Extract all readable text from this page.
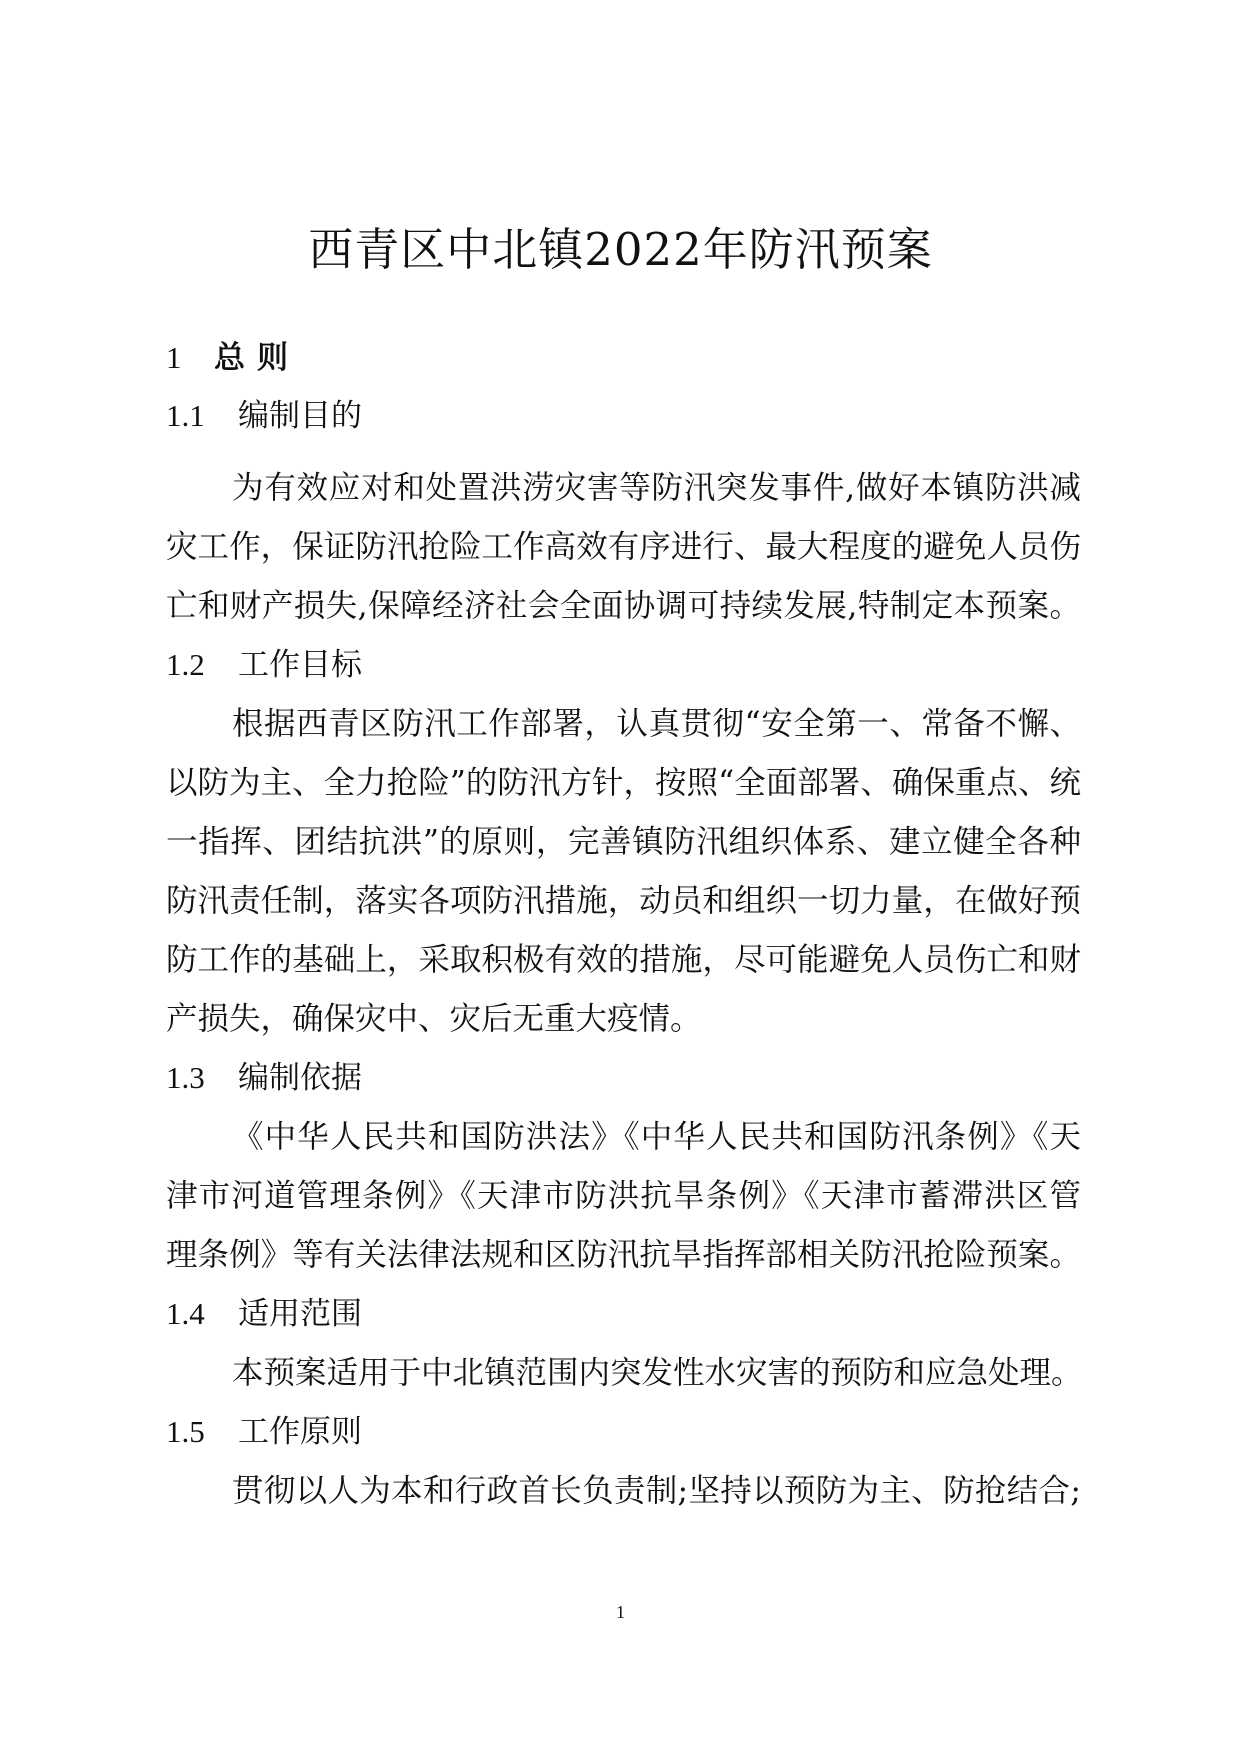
西青区中北镇2022年防汛预案
1 总则
1.1 编制目的
为有效应对和处置洪涝灾害等防汛突发事件,做好本镇防洪减
灾工作，保证防汛抢险工作高效有序进行、最大程度的避免人员伤
亡和财产损失,保障经济社会全面协调可持续发展,特制定本预案。
1.2 工作目标
根据西青区防汛工作部署，认真贯彻“安全第一、常备不懈、
以防为主、全力抢险”的防汛方针，按照“全面部署、确保重点、统
一指挥、团结抗洪”的原则，完善镇防汛组织体系、建立健全各种
防汛责任制，落实各项防汛措施，动员和组织一切力量，在做好预
防工作的基础上，采取积极有效的措施，尽可能避免人员伤亡和财
产损失，确保灾中、灾后无重大疫情。
1.3 编制依据
《中华人民共和国防洪法》《中华人民共和国防汛条例》《天
津市河道管理条例》《天津市防洪抗旱条例》《天津市蓄滞洪区管
理条例》等有关法律法规和区防汛抗旱指挥部相关防汛抢险预案。
1.4 适用范围
本预案适用于中北镇范围内突发性水灾害的预防和应急处理。
1.5 工作原则
贯彻以人为本和行政首长负责制;坚持以预防为主、防抢结合;
1
